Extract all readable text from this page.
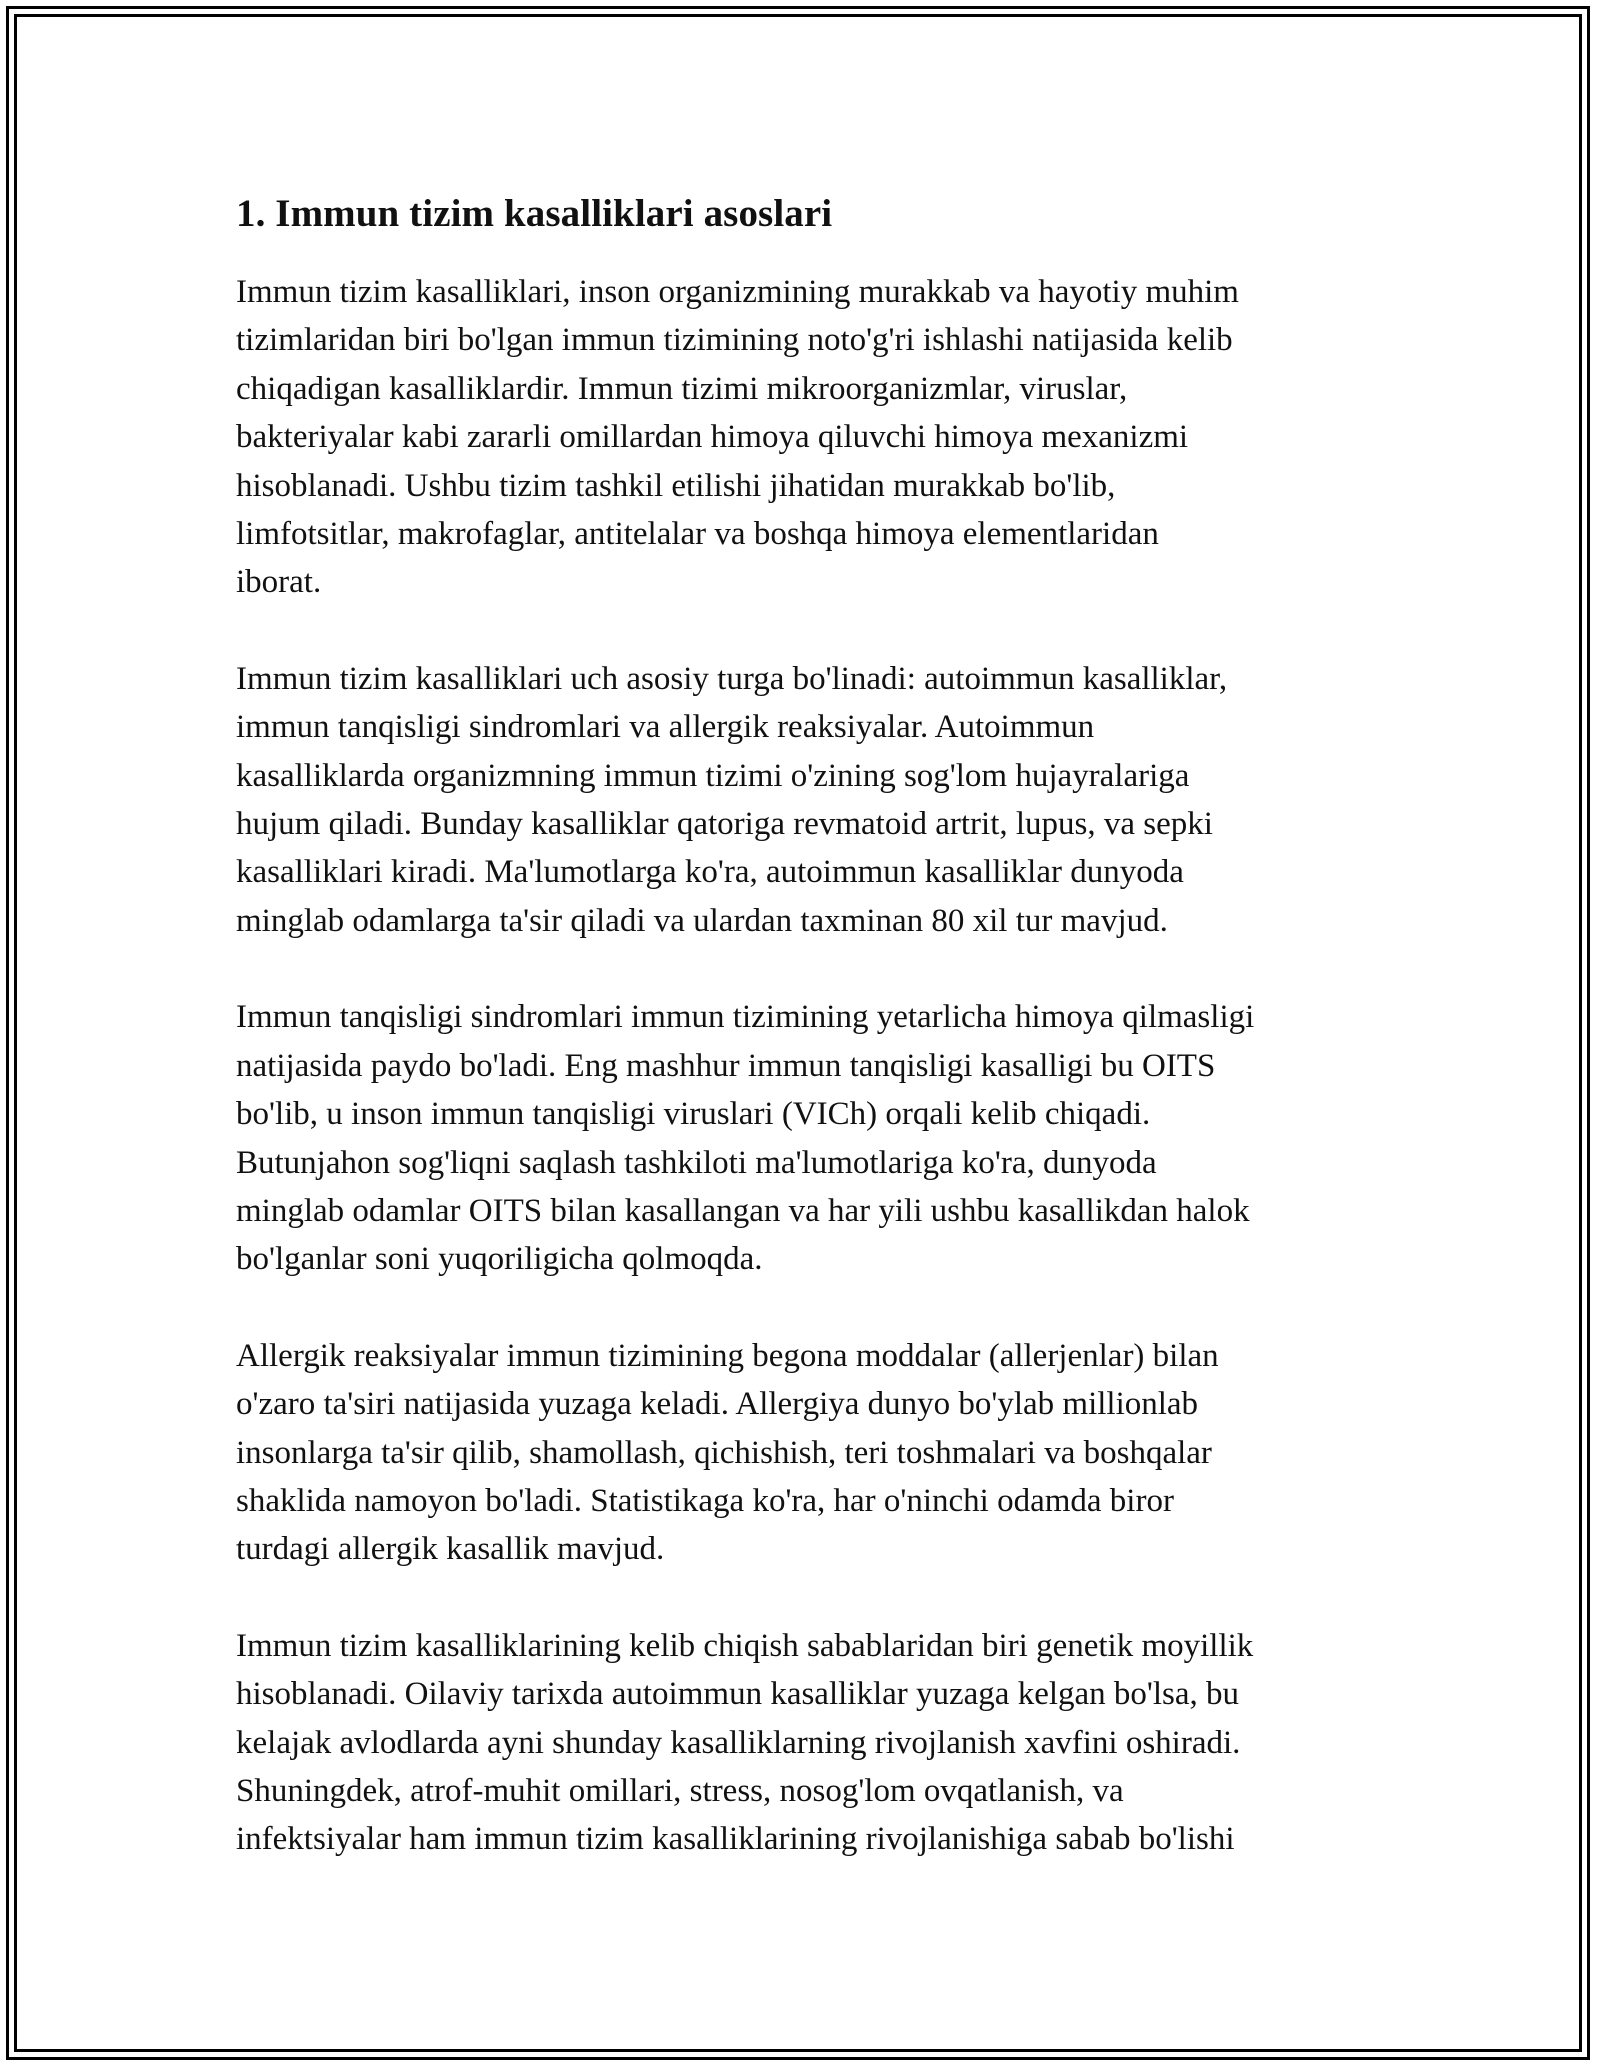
1. Immun tizim kasalliklari asoslari

Immun tizim kasalliklari, inson organizmining murakkab va hayotiy muhim
tizimlaridan biri bo'lgan immun tizimining noto'g'ri ishlashi natijasida kelib
chiqadigan kasalliklardir. Immun tizimi mikroorganizmlar, viruslar,
bakteriyalar kabi zararli omillardan himoya qiluvchi himoya mexanizmi
hisoblanadi. Ushbu tizim tashkil etilishi jihatidan murakkab bo'lib,
limfotsitlar, makrofaglar, antitelalar va boshqa himoya elementlaridan
iborat.

Immun tizim kasalliklari uch asosiy turga bo'linadi: autoimmun kasalliklar,
immun tanqisligi sindromlari va allergik reaksiyalar. Autoimmun
kasalliklarda organizmning immun tizimi o'zining sog'lom hujayralariga
hujum qiladi. Bunday kasalliklar qatoriga revmatoid artrit, lupus, va sepki
kasalliklari kiradi. Ma'lumotlarga ko'ra, autoimmun kasalliklar dunyoda
minglab odamlarga ta'sir qiladi va ulardan taxminan 80 xil tur mavjud.

Immun tanqisligi sindromlari immun tizimining yetarlicha himoya qilmasligi
natijasida paydo bo'ladi. Eng mashhur immun tanqisligi kasalligi bu OITS
bo'lib, u inson immun tanqisligi viruslari (VICh) orqali kelib chiqadi.
Butunjahon sog'liqni saqlash tashkiloti ma'lumotlariga ko'ra, dunyoda
minglab odamlar OITS bilan kasallangan va har yili ushbu kasallikdan halok
bo'lganlar soni yuqoriligicha qolmoqda.

Allergik reaksiyalar immun tizimining begona moddalar (allerjenlar) bilan
o'zaro ta'siri natijasida yuzaga keladi. Allergiya dunyo bo'ylab millionlab
insonlarga ta'sir qilib, shamollash, qichishish, teri toshmalari va boshqalar
shaklida namoyon bo'ladi. Statistikaga ko'ra, har o'ninchi odamda biror
turdagi allergik kasallik mavjud.

Immun tizim kasalliklarining kelib chiqish sabablaridan biri genetik moyillik
hisoblanadi. Oilaviy tarixda autoimmun kasalliklar yuzaga kelgan bo'lsa, bu
kelajak avlodlarda ayni shunday kasalliklarning rivojlanish xavfini oshiradi.
Shuningdek, atrof-muhit omillari, stress, nosog'lom ovqatlanish, va
infektsiyalar ham immun tizim kasalliklarining rivojlanishiga sabab bo'lishi
